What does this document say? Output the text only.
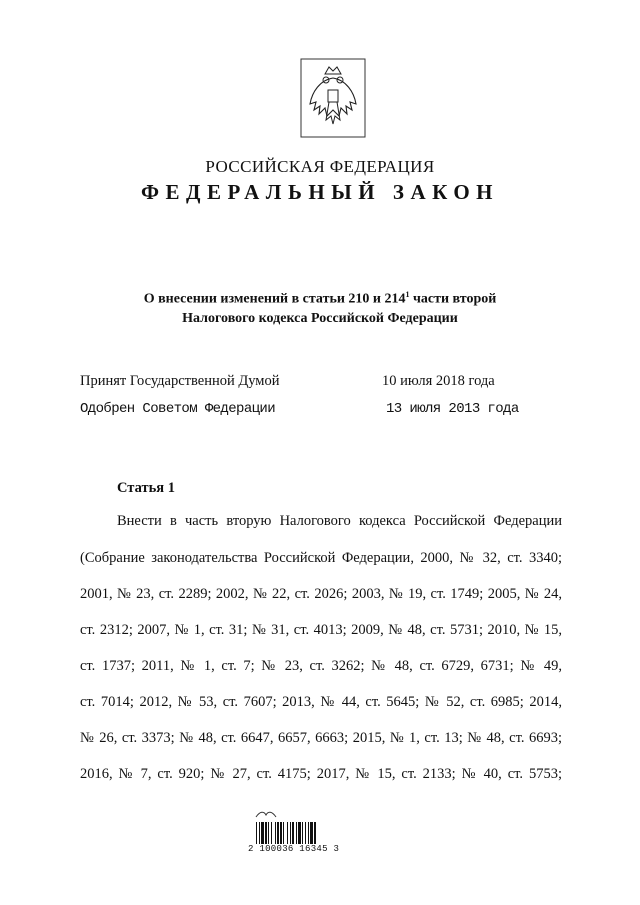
РОССИЙСКАЯ ФЕДЕРАЦИЯ
ФЕДЕРАЛЬНЫЙ ЗАКОН
О внесении изменений в статьи 210 и $214^1$ части второй
Налогового кодекса Российской Федерации
Принят Государственной Думой	10 июля 2018 года
Одобрен Советом Федерации	13 июля 2013 года
Статья 1
Внести в часть вторую Налогового кодекса Российской Федерации
(Собрание законодательства Российской Федерации, 2000, № 32, ст. 3340;
2001, № 23, ст. 2289; 2002, № 22, ст. 2026; 2003, № 19, ст. 1749; 2005, № 24,
ст. 2312; 2007, № 1, ст. 31; № 31, ст. 4013; 2009, № 48, ст. 5731; 2010, № 15,
ст. 1737; 2011, № 1, ст. 7; № 23, ст. 3262; № 48, ст. 6729, 6731; № 49,
ст. 7014; 2012, № 53, ст. 7607; 2013, № 44, ст. 5645; № 52, ст. 6985; 2014,
№ 26, ст. 3373; № 48, ст. 6647, 6657, 6663; 2015, № 1, ст. 13; № 48, ст. 6693;
2016, № 7, ст. 920; № 27, ст. 4175; 2017, № 15, ст. 2133; № 40, ст. 5753;
2 100036 16345 3
